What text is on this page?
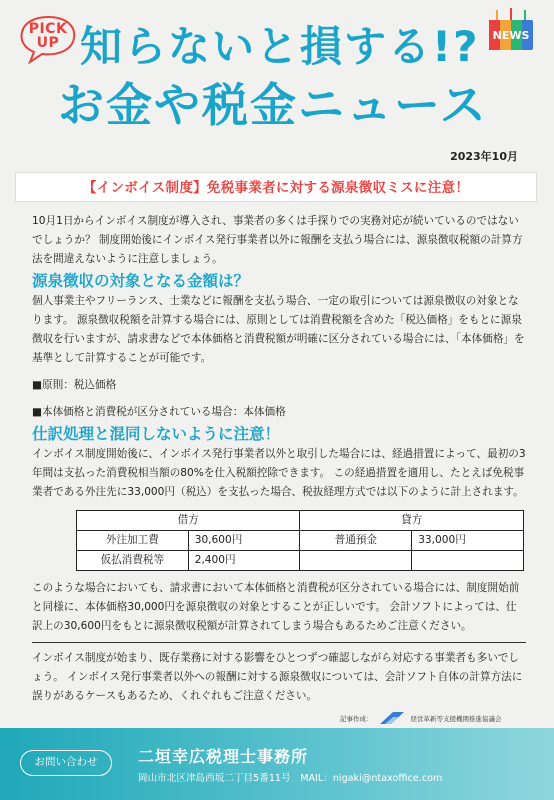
PICK
UP	NEWS
知らないと損する!?
お金や税金ニュース
2023年10月
【インボイス制度】免税事業者に対する源泉徴収ミスに注意！

10月1日からインボイス制度が導入され、事業者の多くは手探りでの実務対応が続いているのではないでしょうか？ 制度開始後にインボイス発行事業者以外に報酬を支払う場合には、源泉徴収税額の計算方法を間違えないように注意しましょう。

源泉徴収の対象となる金額は？

個人事業主やフリーランス、士業などに報酬を支払う場合、一定の取引については源泉徴収の対象となります。 源泉徴収税額を計算する場合には、原則としては消費税額を含めた「税込価格」をもとに源泉徴収を行いますが、請求書などで本体価格と消費税額が明確に区分されている場合には、「本体価格」を基準として計算することが可能です。

■原則：税込価格

■本体価格と消費税が区分されている場合：本体価格

仕訳処理と混同しないように注意！

インボイス制度開始後に、インボイス発行事業者以外と取引した場合には、経過措置によって、最初の3年間は支払った消費税相当額の80%を仕入税額控除できます。 この経過措置を適用し、たとえば免税事業者である外注先に33,000円（税込）を支払った場合、税抜経理方式では以下のように計上されます。

借方		貸方	
外注加工費	30,600円	普通預金	33,000円
仮払消費税等	2,400円		

このような場合においても、請求書において本体価格と消費税が区分されている場合には、制度開始前と同様に、本体価格30,000円を源泉徴収の対象とすることが正しいです。 会計ソフトによっては、仕訳上の30,600円をもとに源泉徴収税額が計算されてしまう場合もあるためご注意ください。

インボイス制度が始まり、既存業務に対する影響をひとつずつ確認しながら対応する事業者も多いでしょう。 インボイス発行事業者以外への報酬に対する源泉徴収については、会計ソフト自体の計算方法に誤りがあるケースもあるため、くれぐれもご注意ください。

記事作成：	経営革新等支援機関推進協議会
お問い合わせ	二垣幸広税理士事務所
岡山市北区津島西坂二丁目5番11号　MAIL：nigaki@ntaxoffice.com
